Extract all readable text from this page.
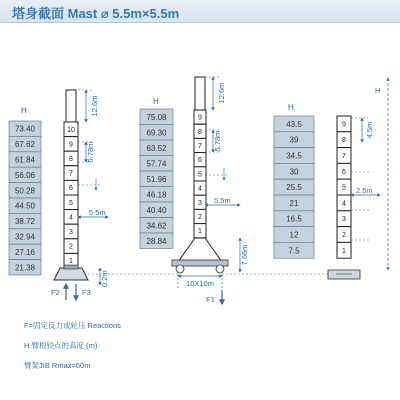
塔身截面 Mast ⌀ 5.5m×5.5m
H
73.40
67.62
61.84
56.06
50.28
44.50
38.72
32.94
27.16
21.38
10
9
8
7
6
5
4
3
2
1
12.6m
5.78m
5.5m
0.2m
F2	F3
H
75.08
69.30
63.52
57.74
51.96
46.18
40.40
34.62
28.84
9
8
7
6
5
4
3
2
1
12.6m
5.78m
5.5m
7.66m
10X10m
F1
H
43.5
39
34.5
30
25.5
21
16.5
12
7.5
9
8
7
6
5
4
3
2
1
4.5m
2.5m
H
F=固定反力或轮压 Reactions
H 臂根铰点的高度 (m)
臂架JIB Rmax=60m
